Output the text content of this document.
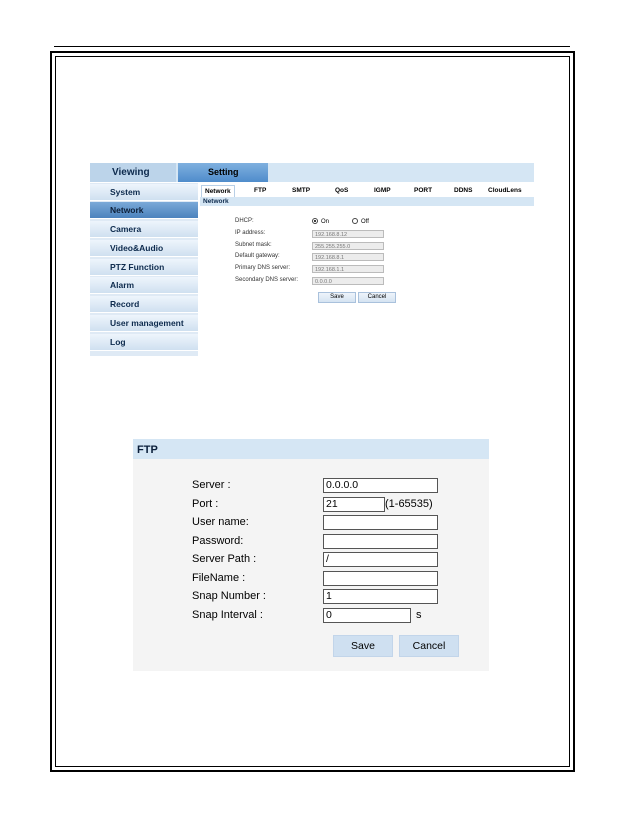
Viewing	Setting
System
Network
Camera
Video&Audio
PTZ Function
Alarm
Record
User management
Log
Network	FTP	SMTP	QoS	IGMP	PORT	DDNS CloudLens
Network
DHCP:	On	Off
IP address:	192.168.8.12
Subnet mask:	255.255.255.0
Default gateway:	192.168.8.1
Primary DNS server:	192.168.1.1
Secondary DNS server:	0.0.0.0
Save	Cancel
FTP
Server :	0.0.0.0
Port :	21	(1-65535)
User name:
Password:
Server Path :	/
FileName :
Snap Number :	1
Snap Interval :	0	s
Save	Cancel
